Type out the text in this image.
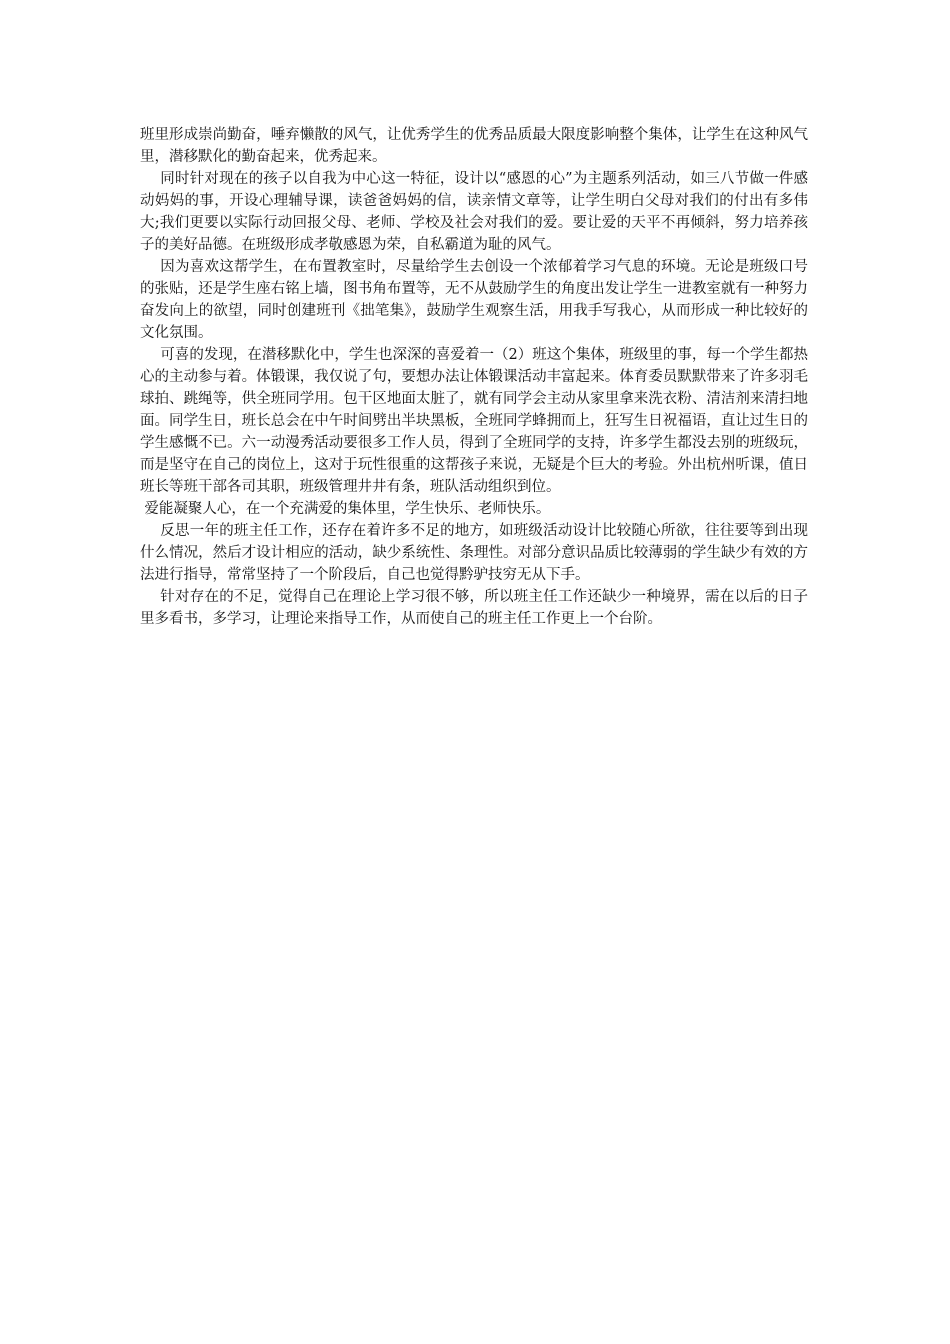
班里形成崇尚勤奋，唾弃懒散的风气，让优秀学生的优秀品质最大限度影响整个集体，让学生在这种风气里，潜移默化的勤奋起来，优秀起来。

同时针对现在的孩子以自我为中心这一特征，设计以“感恩的心”为主题系列活动，如三八节做一件感动妈妈的事，开设心理辅导课，读爸爸妈妈的信，读亲情文章等，让学生明白父母对我们的付出有多伟大;我们更要以实际行动回报父母、老师、学校及社会对我们的爱。要让爱的天平不再倾斜，努力培养孩子的美好品德。在班级形成孝敬感恩为荣，自私霸道为耻的风气。

因为喜欢这帮学生，在布置教室时，尽量给学生去创设一个浓郁着学习气息的环境。无论是班级口号的张贴，还是学生座右铭上墙，图书角布置等，无不从鼓励学生的角度出发让学生一进教室就有一种努力奋发向上的欲望，同时创建班刊《拙笔集》，鼓励学生观察生活，用我手写我心，从而形成一种比较好的文化氛围。

可喜的发现，在潜移默化中，学生也深深的喜爱着一（2）班这个集体，班级里的事，每一个学生都热心的主动参与着。体锻课，我仅说了句，要想办法让体锻课活动丰富起来。体育委员默默带来了许多羽毛球拍、跳绳等，供全班同学用。包干区地面太脏了，就有同学会主动从家里拿来洗衣粉、清洁剂来清扫地面。同学生日，班长总会在中午时间劈出半块黑板，全班同学蜂拥而上，狂写生日祝福语，直让过生日的学生感慨不已。六一动漫秀活动要很多工作人员，得到了全班同学的支持，许多学生都没去别的班级玩，而是坚守在自己的岗位上，这对于玩性很重的这帮孩子来说，无疑是个巨大的考验。外出杭州听课，值日班长等班干部各司其职，班级管理井井有条，班队活动组织到位。

爱能凝聚人心，在一个充满爱的集体里，学生快乐、老师快乐。

反思一年的班主任工作，还存在着许多不足的地方，如班级活动设计比较随心所欲，往往要等到出现什么情况，然后才设计相应的活动，缺少系统性、条理性。对部分意识品质比较薄弱的学生缺少有效的方法进行指导，常常坚持了一个阶段后，自己也觉得黔驴技穷无从下手。

针对存在的不足，觉得自己在理论上学习很不够，所以班主任工作还缺少一种境界，需在以后的日子里多看书，多学习，让理论来指导工作，从而使自己的班主任工作更上一个台阶。
